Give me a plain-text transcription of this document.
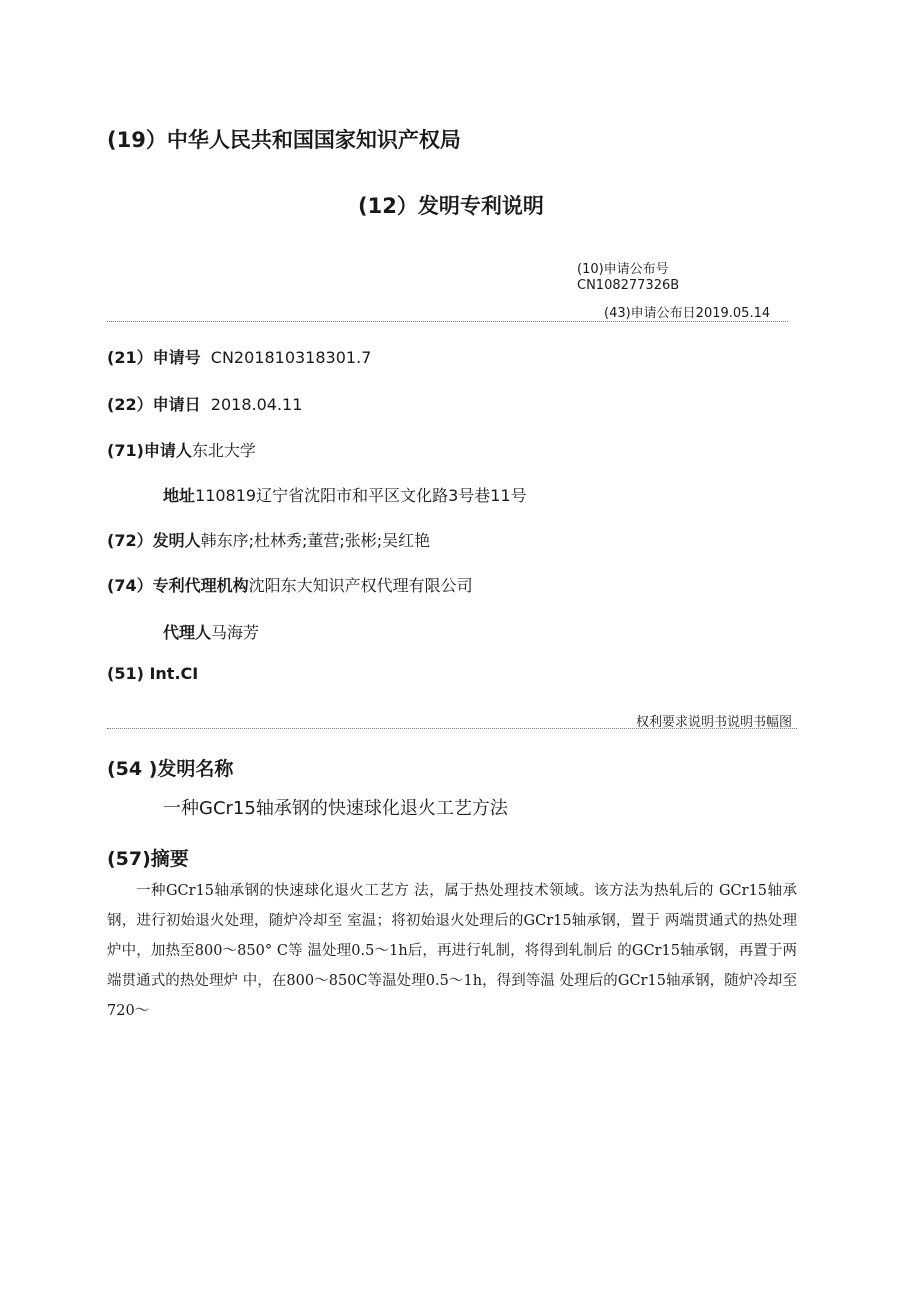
(19）中华人民共和国国家知识产权局
(12）发明专利说明
(10)申请公布号
CN108277326B
(43)申请公布日2019.05.14
(21）申请号 CN201810318301.7
(22）申请日 2018.04.11
(71)申请人东北大学
地址110819辽宁省沈阳市和平区文化路3号巷11号
(72）发明人韩东序;杜林秀;董营;张彬;吴红艳
(74）专利代理机构沈阳东大知识产权代理有限公司
代理人马海芳
(51) Int.CI
权利要求说明书说明书幅图
(54 )发明名称
一种GCr15轴承钢的快速球化退火工艺方法
(57)摘要

一种GCr15轴承钢的快速球化退火工艺方 法，属于热处理技术领域。该方法为热轧后的 GCr15轴承钢，进行初始退火处理，随炉冷却至 室温；将初始退火处理后的GCr15轴承钢，置于 两端贯通式的热处理炉中，加热至800〜850° C等 温处理0.5〜1h后，再进行轧制，将得到轧制后 的GCr15轴承钢，再置于两端贯通式的热处理炉 中，在800〜850C等温处理0.5〜1h，得到等温 处理后的GCr15轴承钢，随炉冷却至720〜
